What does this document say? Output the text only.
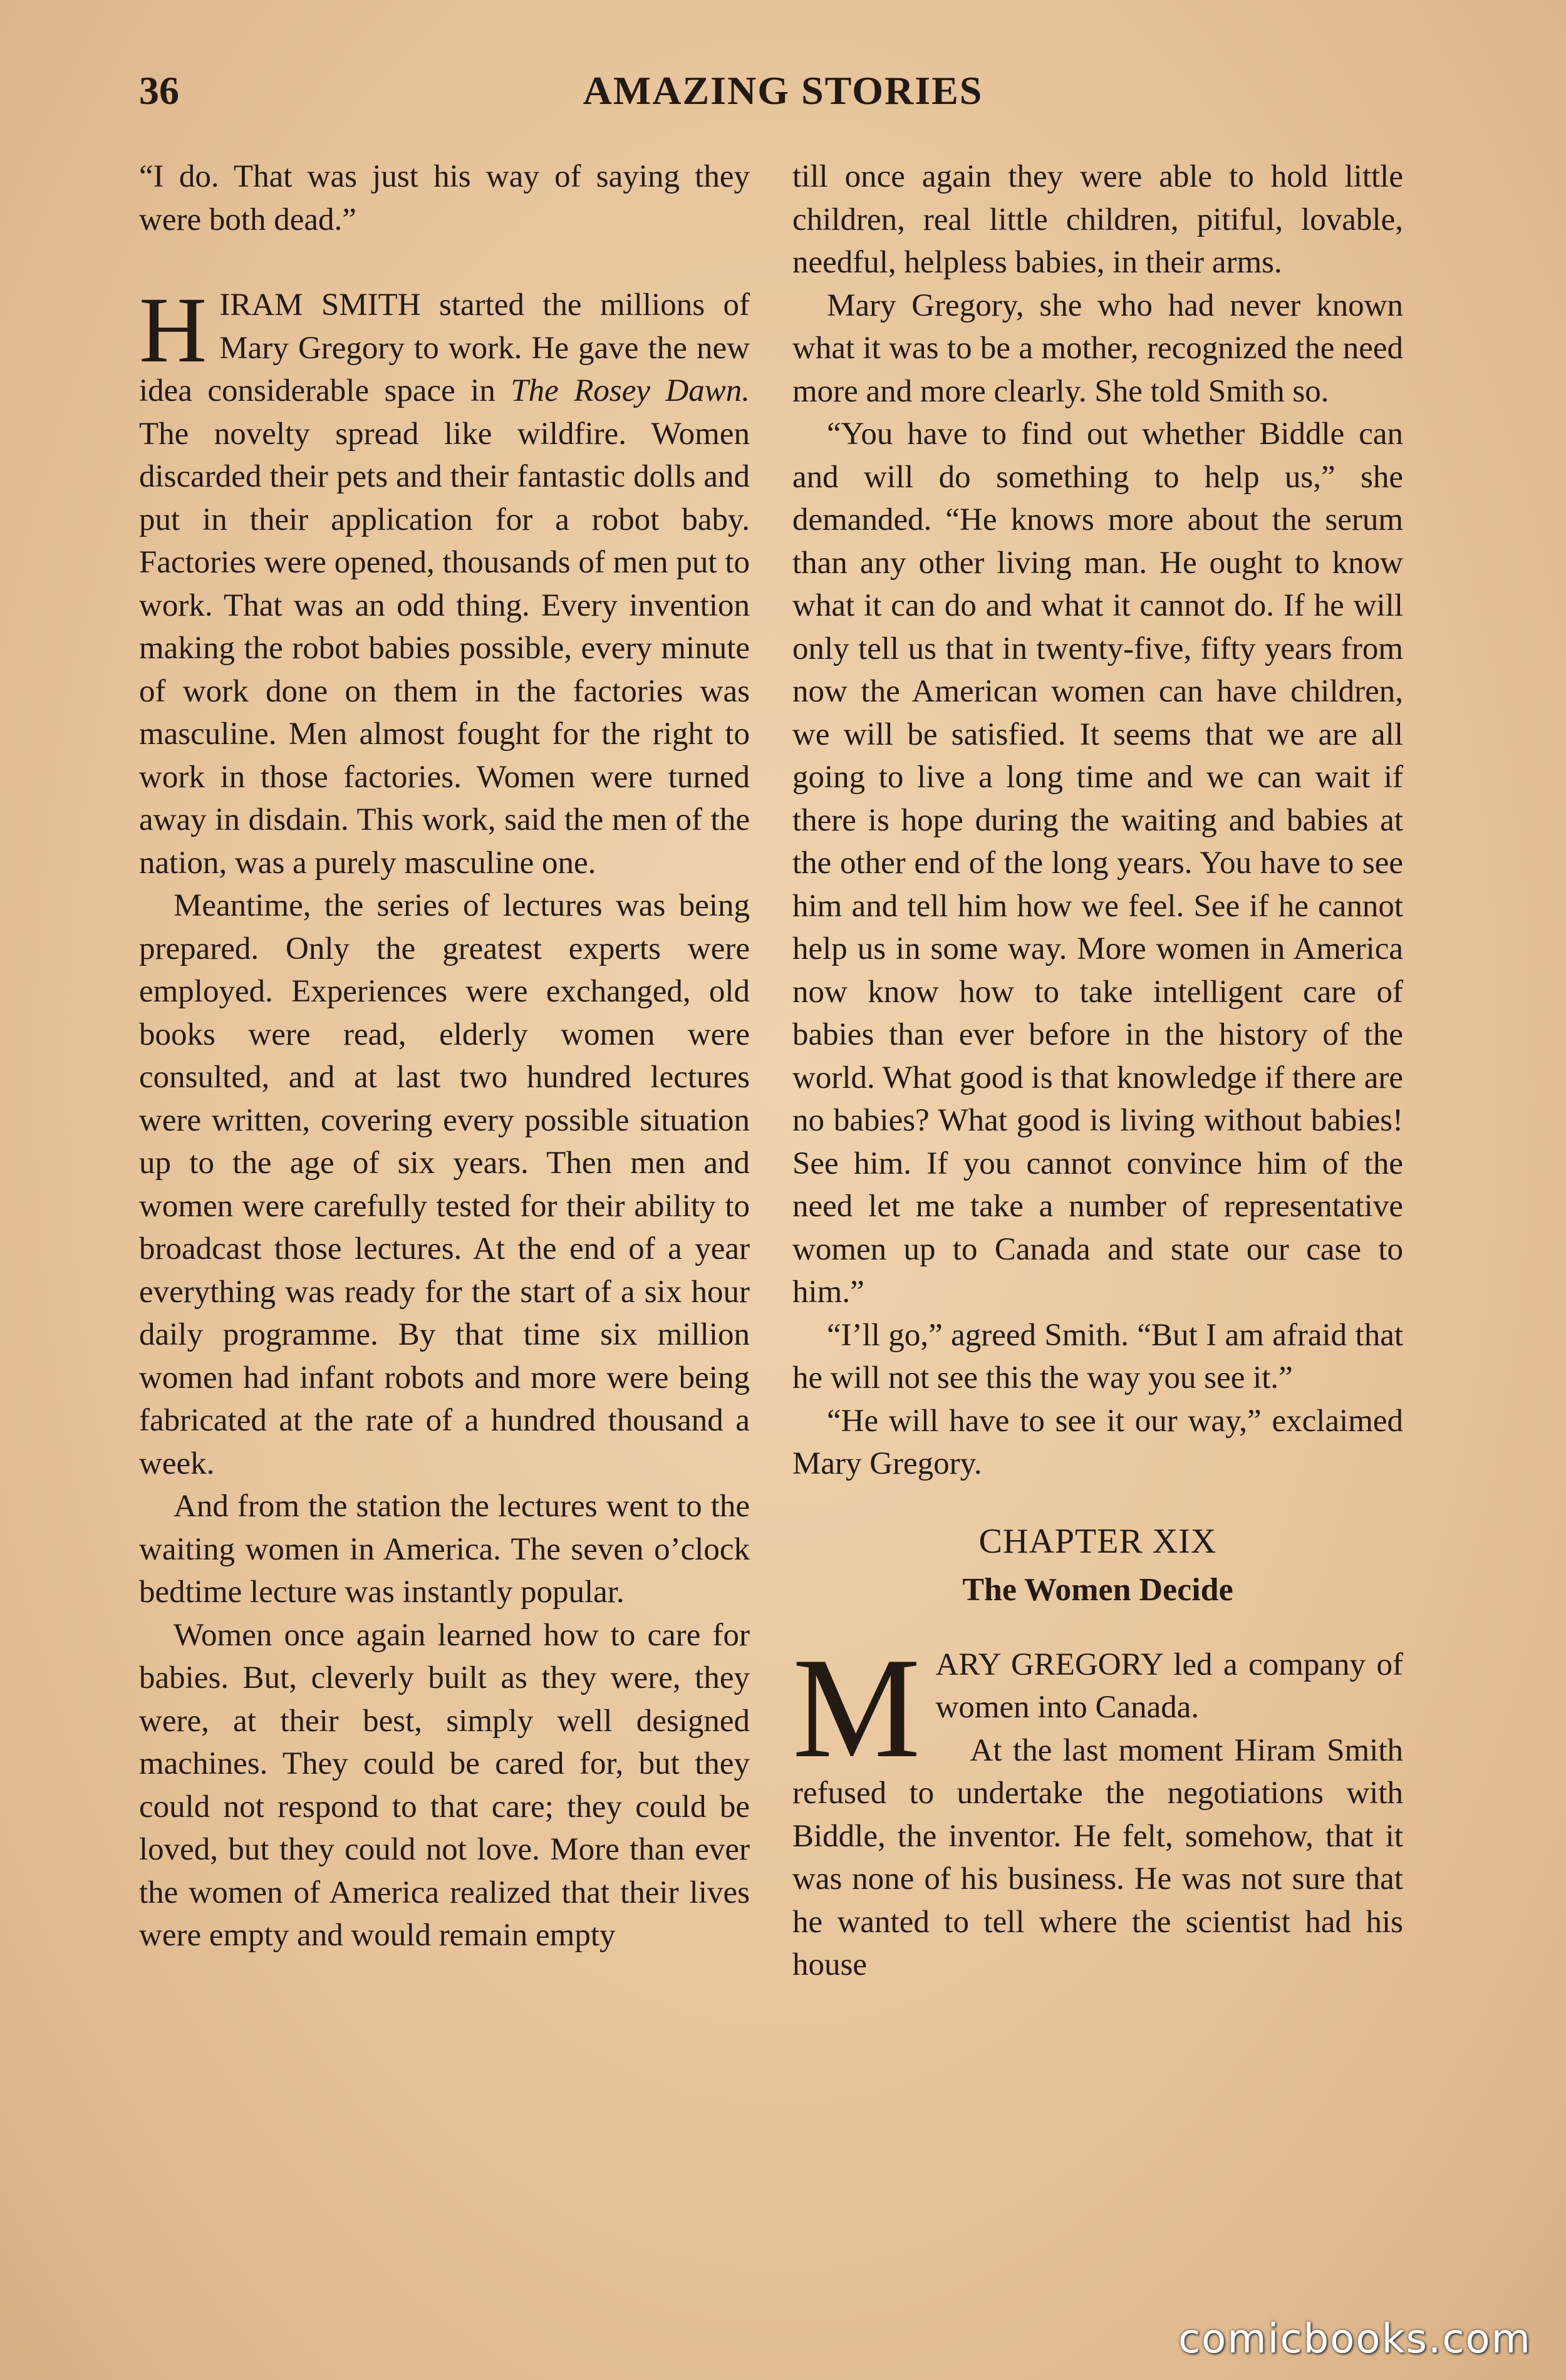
36	AMAZING STORIES

“I do. That was just his way of saying they were both dead.”

HIRAM SMITH started the millions of Mary Gregory to work. He gave the new idea considerable space in The Rosey Dawn. The novelty spread like wildfire. Women discarded their pets and their fantastic dolls and put in their application for a robot baby. Factories were opened, thousands of men put to work. That was an odd thing. Every invention making the robot babies possible, every minute of work done on them in the factories was masculine. Men almost fought for the right to work in those factories. Women were turned away in disdain. This work, said the men of the nation, was a purely masculine one.

Meantime, the series of lectures was being prepared. Only the greatest experts were employed. Experiences were exchanged, old books were read, elderly women were consulted, and at last two hundred lectures were written, covering every possible situation up to the age of six years. Then men and women were carefully tested for their ability to broadcast those lectures. At the end of a year everything was ready for the start of a six hour daily programme. By that time six million women had infant robots and more were being fabricated at the rate of a hundred thousand a week.

And from the station the lectures went to the waiting women in America. The seven o’clock bedtime lecture was instantly popular.

Women once again learned how to care for babies. But, cleverly built as they were, they were, at their best, simply well designed machines. They could be cared for, but they could not respond to that care; they could be loved, but they could not love. More than ever the women of America realized that their lives were empty and would remain empty

till once again they were able to hold little children, real little children, pitiful, lovable, needful, helpless babies, in their arms.

Mary Gregory, she who had never known what it was to be a mother, recognized the need more and more clearly. She told Smith so.

“You have to find out whether Biddle can and will do something to help us,” she demanded. “He knows more about the serum than any other living man. He ought to know what it can do and what it cannot do. If he will only tell us that in twenty-five, fifty years from now the American women can have children, we will be satisfied. It seems that we are all going to live a long time and we can wait if there is hope during the waiting and babies at the other end of the long years. You have to see him and tell him how we feel. See if he cannot help us in some way. More women in America now know how to take intelligent care of babies than ever before in the history of the world. What good is that knowledge if there are no babies? What good is living without babies! See him. If you cannot convince him of the need let me take a number of representative women up to Canada and state our case to him.”

“I’ll go,” agreed Smith. “But I am afraid that he will not see this the way you see it.”

“He will have to see it our way,” exclaimed Mary Gregory.

CHAPTER XIX
The Women Decide

MARY GREGORY led a company of women into Canada.

At the last moment Hiram Smith refused to undertake the negotiations with Biddle, the inventor. He felt, somehow, that it was none of his business. He was not sure that he wanted to tell where the scientist had his house

comicbooks.com
